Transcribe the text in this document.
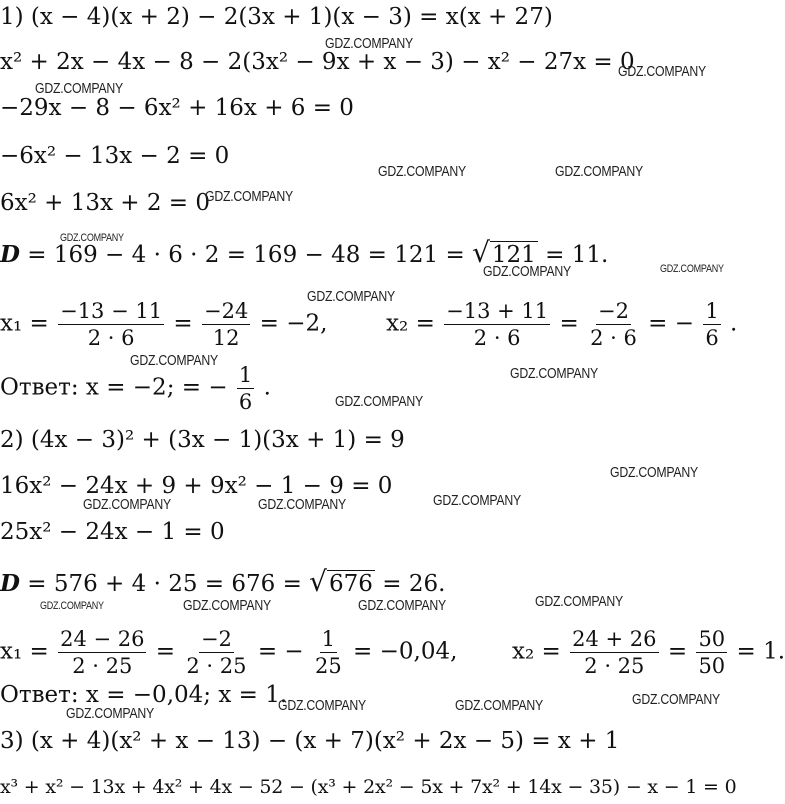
1) (x − 4)(x + 2) − 2(3x + 1)(x − 3) = x(x + 27)
x² + 2x − 4x − 8 − 2(3x² − 9x + x − 3) − x² − 27x = 0
−29x − 8 − 6x² + 16x + 6 = 0
−6x² − 13x − 2 = 0
6x² + 13x + 2 = 0
D = 169 − 4 · 6 · 2 = 169 − 48 = 121 = √121 = 11.
$x_1 = \frac{-13 - 11}{2 \cdot 6} = \frac{-24}{12} = -2$,	$x_2 = \frac{-13 + 11}{2 \cdot 6} = \frac{-2}{2 \cdot 6}$ = − $\frac{1}{6}$ .
Ответ: x = −2; = − $\frac{1}{6}$ .
2) (4x − 3)² + (3x − 1)(3x + 1) = 9
16x² − 24x + 9 + 9x² − 1 − 9 = 0
25x² − 24x − 1 = 0
D = 576 + 4 · 25 = 676 = √676 = 26.
$x_1 = \frac{24 - 26}{2 \cdot 25} = \frac{-2}{2 \cdot 25}$ = − $\frac{1}{25} = -0,04$, $x_2 = \frac{24 + 26}{2 \cdot 25} = \frac{50}{50} = 1$.
Ответ: x = −0,04; x = 1.
3) (x + 4)(x² + x − 13) − (x + 7)(x² + 2x − 5) = x + 1
x³ + x² − 13x + 4x² + 4x − 52 − (x³ + 2x² − 5x + 7x² + 14x − 35) − x − 1 = 0
GDZ.COMPANY
GDZ.COMPANY
GDZ.COMPANY
GDZ.COMPANY	GDZ.COMPANY
GDZ.COMPANY
GDZ.COMPANY
GDZ.COMPANY	GDZ.COMPANY
GDZ.COMPANY
GDZ.COMPANY
GDZ.COMPANY
GDZ.COMPANY
GDZ.COMPANY
GDZ.COMPANY
GDZ.COMPANY	GDZ.COMPANY
GDZ.COMPANY
GDZ.COMPANY	GDZ.COMPANY	GDZ.COMPANY
GDZ.COMPANY
GDZ.COMPANY	GDZ.COMPANY
GDZ.COMPANY
